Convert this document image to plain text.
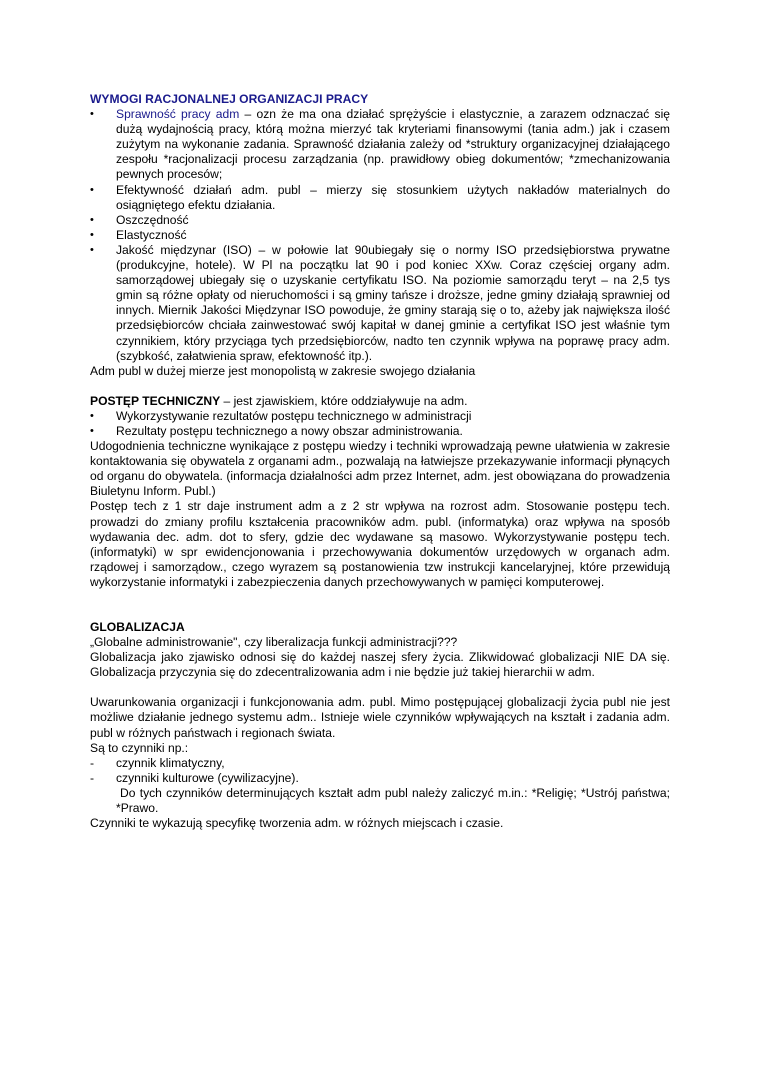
WYMOGI RACJONALNEJ ORGANIZACJI PRACY

• Sprawność pracy adm – ozn że ma ona działać sprężyście i elastycznie, a zarazem odznaczać się dużą wydajnością pracy, którą można mierzyć tak kryteriami finansowymi (tania adm.) jak i czasem zużytym na wykonanie zadania. Sprawność działania zależy od *struktury organizacyjnej działającego zespołu *racjonalizacji procesu zarządzania (np. prawidłowy obieg dokumentów; *zmechanizowania pewnych procesów;
• Efektywność działań adm. publ – mierzy się stosunkiem użytych nakładów materialnych do osiągniętego efektu działania.
• Oszczędność
• Elastyczność
• Jakość międzynar (ISO) – w połowie lat 90ubiegały się o normy ISO przedsiębiorstwa prywatne (produkcyjne, hotele). W Pl na początku lat 90 i pod koniec XXw. Coraz częściej organy adm. samorządowej ubiegały się o uzyskanie certyfikatu ISO. Na poziomie samorządu teryt – na 2,5 tys gmin są różne opłaty od nieruchomości i są gminy tańsze i droższe, jedne gminy działają sprawniej od innych. Miernik Jakości Międzynar ISO powoduje, że gminy starają się o to, ażeby jak największa ilość przedsiębiorców chciała zainwestować swój kapitał w danej gminie a certyfikat ISO jest właśnie tym czynnikiem, który przyciąga tych przedsiębiorców, nadto ten czynnik wpływa na poprawę pracy adm. (szybkość, załatwienia spraw, efektowność itp.).

Adm publ w dużej mierze jest monopolistą w zakresie swojego działania

POSTĘP TECHNICZNY – jest zjawiskiem, które oddziaływuje na adm.

• Wykorzystywanie rezultatów postępu technicznego w administracji
• Rezultaty postępu technicznego a nowy obszar administrowania.

Udogodnienia techniczne wynikające z postępu wiedzy i techniki wprowadzają pewne ułatwienia w zakresie kontaktowania się obywatela z organami adm., pozwalają na łatwiejsze przekazywanie informacji płynących od organu do obywatela. (informacja działalności adm przez Internet, adm. jest obowiązana do prowadzenia Biuletynu Inform. Publ.)

Postęp tech z 1 str daje instrument adm a z 2 str wpływa na rozrost adm. Stosowanie postępu tech. prowadzi do zmiany profilu kształcenia pracowników adm. publ. (informatyka) oraz wpływa na sposób wydawania dec. adm. dot to sfery, gdzie dec wydawane są masowo. Wykorzystywanie postępu tech. (informatyki) w spr ewidencjonowania i przechowywania dokumentów urzędowych w organach adm. rządowej i samorządow., czego wyrazem są postanowienia tzw instrukcji kancelaryjnej, które przewidują wykorzystanie informatyki i zabezpieczenia danych przechowywanych w pamięci komputerowej.

GLOBALIZACJA

„Globalne administrowanie", czy liberalizacja funkcji administracji???

Globalizacja jako zjawisko odnosi się do każdej naszej sfery życia. Zlikwidować globalizacji NIE DA się. Globalizacja przyczynia się do zdecentralizowania adm i nie będzie już takiej hierarchii w adm.

Uwarunkowania organizacji i funkcjonowania adm. publ. Mimo postępującej globalizacji życia publ nie jest możliwe działanie jednego systemu adm.. Istnieje wiele czynników wpływających na kształt i zadania adm. publ w różnych państwach i regionach świata.

Są to czynniki np.:

- czynnik klimatyczny,
- czynniki kulturowe (cywilizacyjne).

Do tych czynników determinujących kształt adm publ należy zaliczyć m.in.: *Religię; *Ustrój państwa; *Prawo.

Czynniki te wykazują specyfikę tworzenia adm. w różnych miejscach i czasie.
